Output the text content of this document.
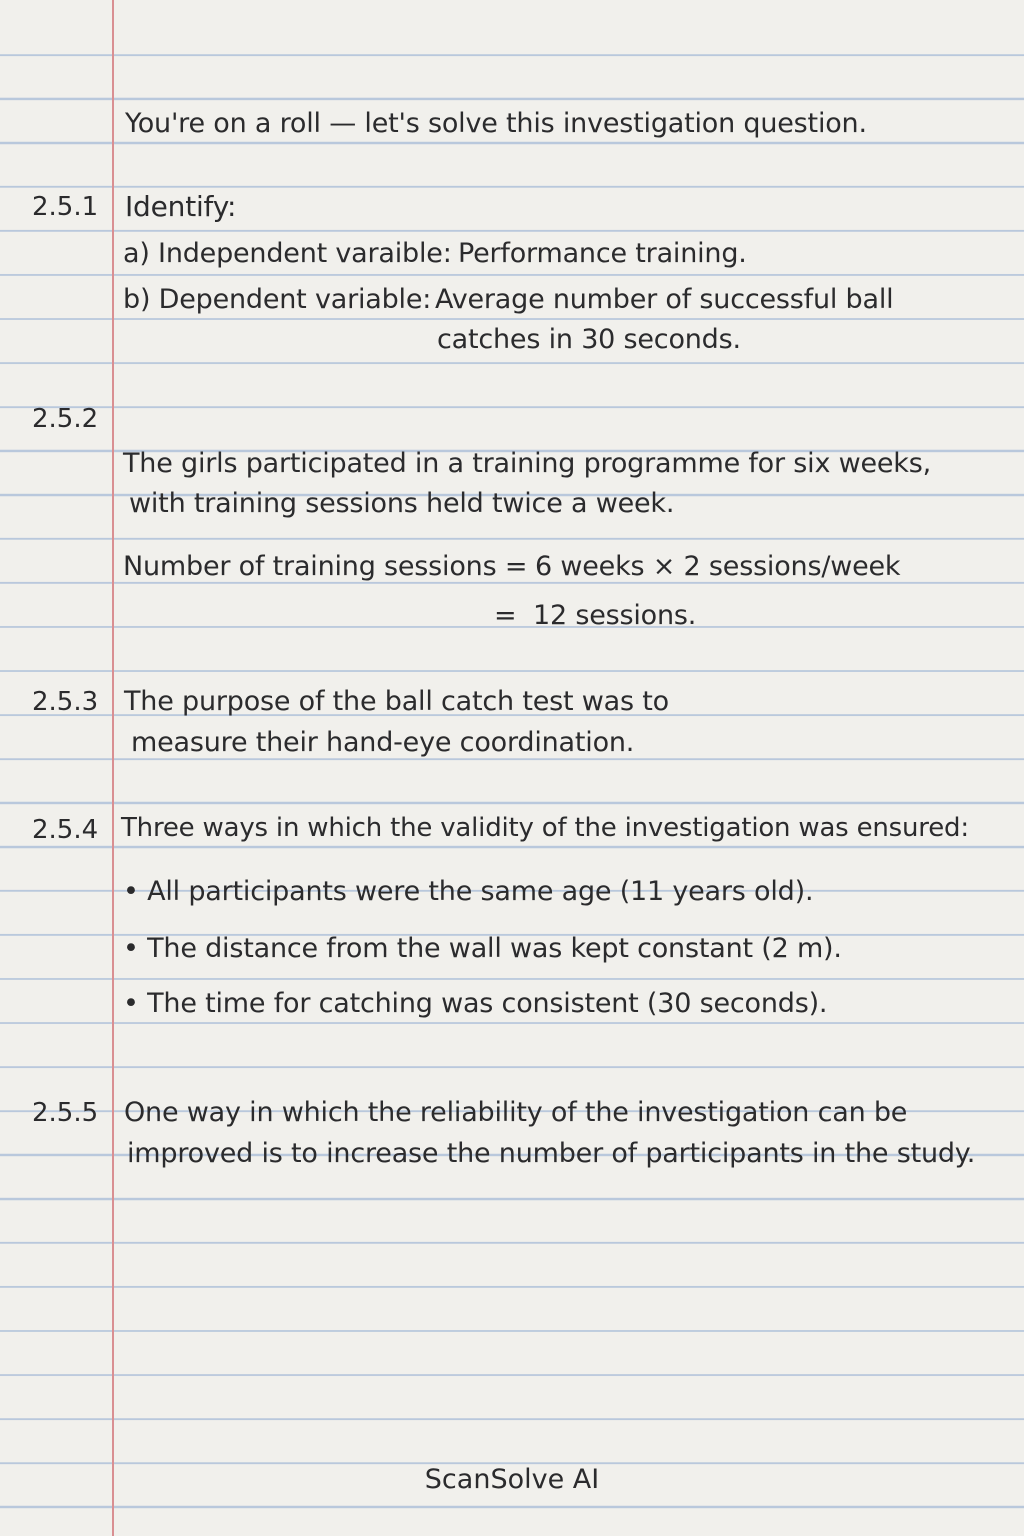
You're on a roll — let's solve this investigation question.
2.5.1 Identify:
a) Independent varaible: Performance training.
b) Dependent variable: Average number of successful ball
catches in 30 seconds.
2.5.2
The girls participated in a training programme for six weeks,
with training sessions held twice a week.
Number of training sessions = 6 weeks × 2 sessions/week
= 12 sessions.
2.5.3 The purpose of the ball catch test was to
measure their hand-eye coordination.
2.5.4 Three ways in which the validity of the investigation was ensured:
• All participants were the same age (11 years old).
• The distance from the wall was kept constant (2 m).
• The time for catching was consistent (30 seconds).
2.5.5 One way in which the reliability of the investigation can be
improved is to increase the number of participants in the study.
ScanSolve AI
